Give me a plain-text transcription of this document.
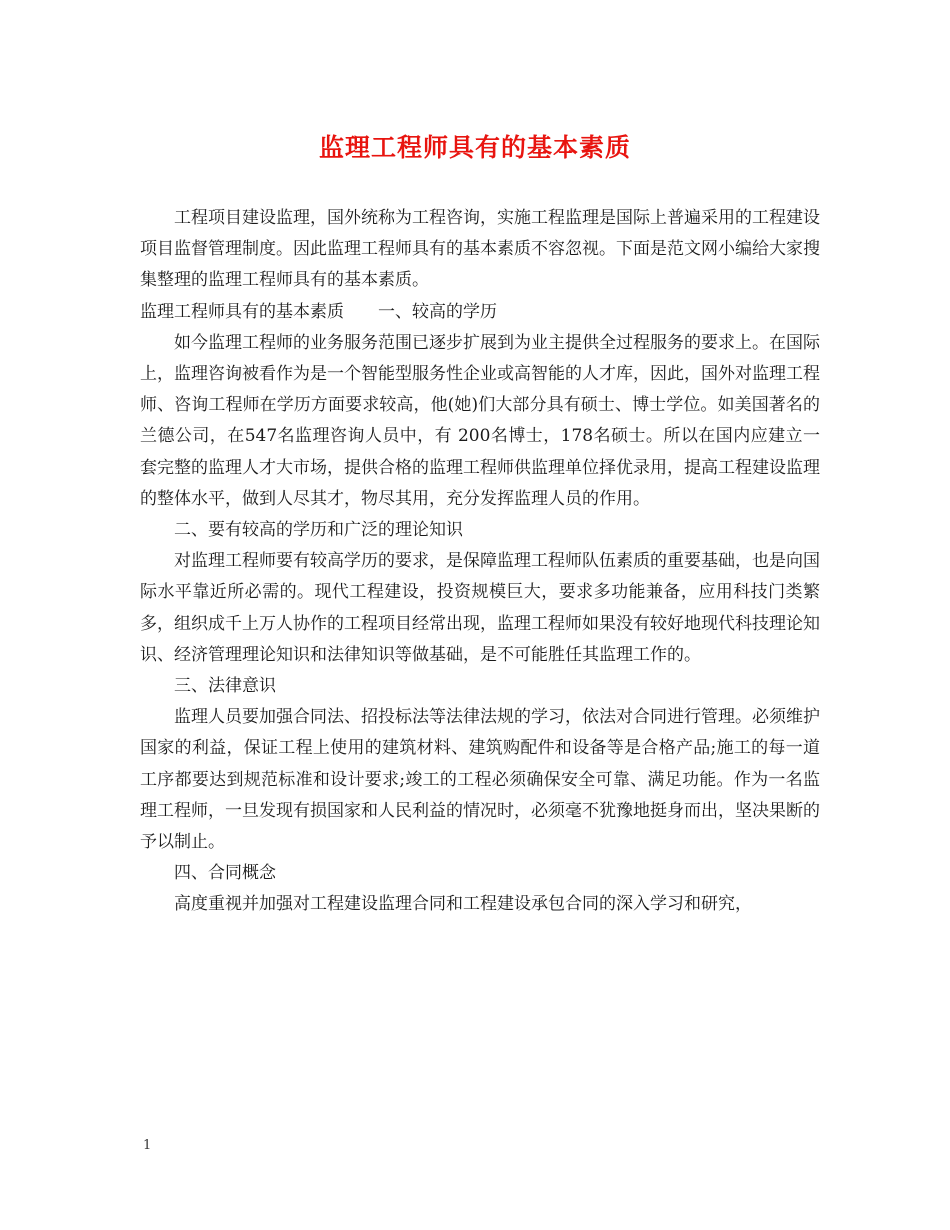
监理工程师具有的基本素质

工程项目建设监理，国外统称为工程咨询，实施工程监理是国际上普遍采用的工程建设项目监督管理制度。因此监理工程师具有的基本素质不容忽视。下面是范文网小编给大家搜集整理的监理工程师具有的基本素质。

监理工程师具有的基本素质　　一、较高的学历

如今监理工程师的业务服务范围已逐步扩展到为业主提供全过程服务的要求上。在国际上，监理咨询被看作为是一个智能型服务性企业或高智能的人才库，因此，国外对监理工程师、咨询工程师在学历方面要求较高，他(她)们大部分具有硕士、博士学位。如美国著名的兰德公司，在547名监理咨询人员中，有 200名博士，178名硕士。所以在国内应建立一套完整的监理人才大市场，提供合格的监理工程师供监理单位择优录用，提高工程建设监理的整体水平，做到人尽其才，物尽其用，充分发挥监理人员的作用。

二、要有较高的学历和广泛的理论知识

对监理工程师要有较高学历的要求，是保障监理工程师队伍素质的重要基础，也是向国际水平靠近所必需的。现代工程建设，投资规模巨大，要求多功能兼备，应用科技门类繁多，组织成千上万人协作的工程项目经常出现，监理工程师如果没有较好地现代科技理论知识、经济管理理论知识和法律知识等做基础，是不可能胜任其监理工作的。

三、法律意识

监理人员要加强合同法、招投标法等法律法规的学习，依法对合同进行管理。必须维护国家的利益，保证工程上使用的建筑材料、建筑购配件和设备等是合格产品;施工的每一道工序都要达到规范标准和设计要求;竣工的工程必须确保安全可靠、满足功能。作为一名监理工程师，一旦发现有损国家和人民利益的情况时，必须毫不犹豫地挺身而出，坚决果断的予以制止。

四、合同概念

高度重视并加强对工程建设监理合同和工程建设承包合同的深入学习和研究，

1
